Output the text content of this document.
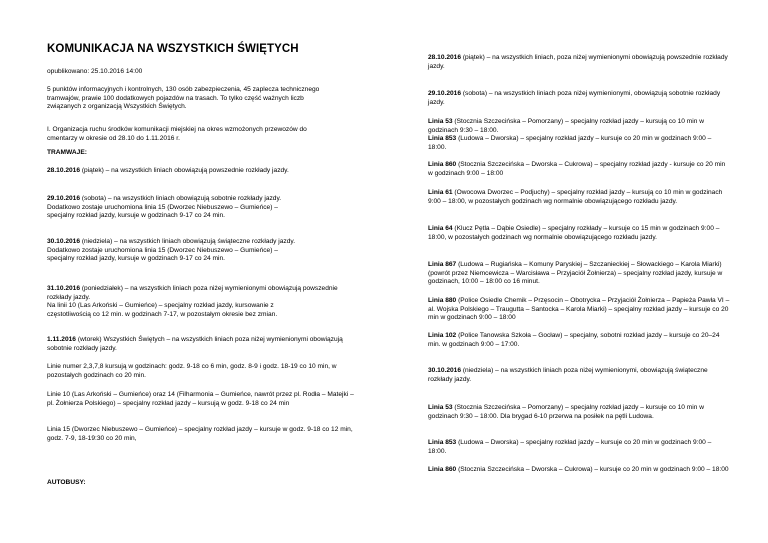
KOMUNIKACJA NA WSZYSTKICH ŚWIĘTYCH
opublikowano: 25.10.2016 14:00
5 punktów informacyjnych i kontrolnych, 130 osób zabezpieczenia, 45 zaplecza technicznego tramwajów, prawie 100 dodatkowych pojazdów na trasach. To tylko część ważnych liczb związanych z organizacją Wszystkich Świętych.
I. Organizacja ruchu środków komunikacji miejskiej na okres wzmożonych przewozów do cmentarzy w okresie od 28.10 do 1.11.2016 r.
TRAMWAJE:
28.10.2016 (piątek) – na wszystkich liniach obowiązują powszednie rozkłady jazdy.
29.10.2016 (sobota) – na wszystkich liniach obowiązują sobotnie rozkłady jazdy.
Dodatkowo zostaje uruchomiona linia 15 (Dworzec Niebuszewo – Gumieńce) –
specjalny rozkład jazdy, kursuje w godzinach 9-17 co 24 min.
30.10.2016 (niedziela) – na wszystkich liniach obowiązują świąteczne rozkłady jazdy.
Dodatkowo zostaje uruchomiona linia 15 (Dworzec Niebuszewo – Gumieńce) –
specjalny rozkład jazdy, kursuje w godzinach 9-17 co 24 min.
31.10.2016 (poniedziałek) – na wszystkich liniach poza niżej wymienionymi obowiązują powszednie rozkłady jazdy.
Na linii 10 (Las Arkoński – Gumieńce) – specjalny rozkład jazdy, kursowanie z
częstotliwością co 12 min. w godzinach 7-17, w pozostałym okresie bez zmian.
1.11.2016 (wtorek) Wszystkich Świętych – na wszystkich liniach poza niżej wymienionymi obowiązują sobotnie rozkłady jazdy.
Linie numer 2,3,7,8 kursują w godzinach: godz. 9-18 co 6 min, godz. 8-9 i godz. 18-19 co 10 min, w pozostałych godzinach co 20 min.
Linie 10 (Las Arkoński – Gumieńce) oraz 14 (Filharmonia – Gumieńce, nawrót przez pl. Rodła – Matejki – pl. Żołnierza Polskiego) – specjalny rozkład jazdy – kursują w godz. 9-18 co 24 min
Linia 15 (Dworzec Niebuszewo – Gumieńce) – specjalny rozkład jazdy – kursuje w godz. 9-18 co 12 min, godz. 7-9, 18-19:30 co 20 min,
AUTOBUSY:
28.10.2016 (piątek) – na wszystkich liniach, poza niżej wymienionymi obowiązują powszednie rozkłady jazdy.
29.10.2016 (sobota) – na wszystkich liniach poza niżej wymienionymi, obowiązują sobotnie rozkłady jazdy.
Linia 53 (Stocznia Szczecińska – Pomorzany) – specjalny rozkład jazdy – kursują co 10 min w godzinach 9:30 – 18:00.
Linia 853 (Ludowa – Dworska) – specjalny rozkład jazdy – kursuje co 20 min w godzinach 9:00 – 18:00.
Linia 860 (Stocznia Szczecińska – Dworska – Cukrowa) – specjalny rozkład jazdy - kursuje co 20 min w godzinach 9:00 – 18:00
Linia 61 (Owocowa Dworzec – Podjuchy) – specjalny rozkład jazdy – kursują co 10 min w godzinach 9:00 – 18:00, w pozostałych godzinach wg normalnie obowiązującego rozkładu jazdy.
Linia 64 (Klucz Pętla – Dąbie Osiedle) – specjalny rozkłady – kursuje co 15 min w godzinach 9:00 – 18:00, w pozostałych godzinach wg normalnie obowiązującego rozkładu jazdy.
Linia 867 (Ludowa – Rugiańska – Komuny Paryskiej – Szczanieckiej – Słowackiego – Karola Miarki) (powrót przez Niemcewicza – Warcisława – Przyjaciół Żołnierza) – specjalny rozkład jazdy, kursuje w godzinach, 10:00 – 18:00 co 16 minut.
Linia 880 (Police Osiedle Chemik – Przęsocin – Obotrycka – Przyjaciół Żołnierza – Papieża Pawła VI – al. Wojska Polskiego – Traugutta – Santocka – Karola Miarki) – specjalny rozkład jazdy – kursuje co 20 min w godzinach 9:00 – 18:00
Linia 102 (Police Tanowska Szkoła – Gocław) – specjalny, sobotni rozkład jazdy – kursuje co 20–24 min. w godzinach 9:00 – 17:00.
30.10.2016 (niedziela) – na wszystkich liniach poza niżej wymienionymi, obowiązują świąteczne rozkłady jazdy.
Linia 53 (Stocznia Szczecińska – Pomorzany) – specjalny rozkład jazdy – kursuje co 10 min w godzinach 9:30 – 18:00. Dla brygad 6-10 przerwa na posiłek na pętli Ludowa.
Linia 853 (Ludowa – Dworska) – specjalny rozkład jazdy – kursuje co 20 min w godzinach 9:00 – 18:00.
Linia 860 (Stocznia Szczecińska – Dworska – Cukrowa) – kursuje co 20 min w godzinach 9:00 – 18:00
